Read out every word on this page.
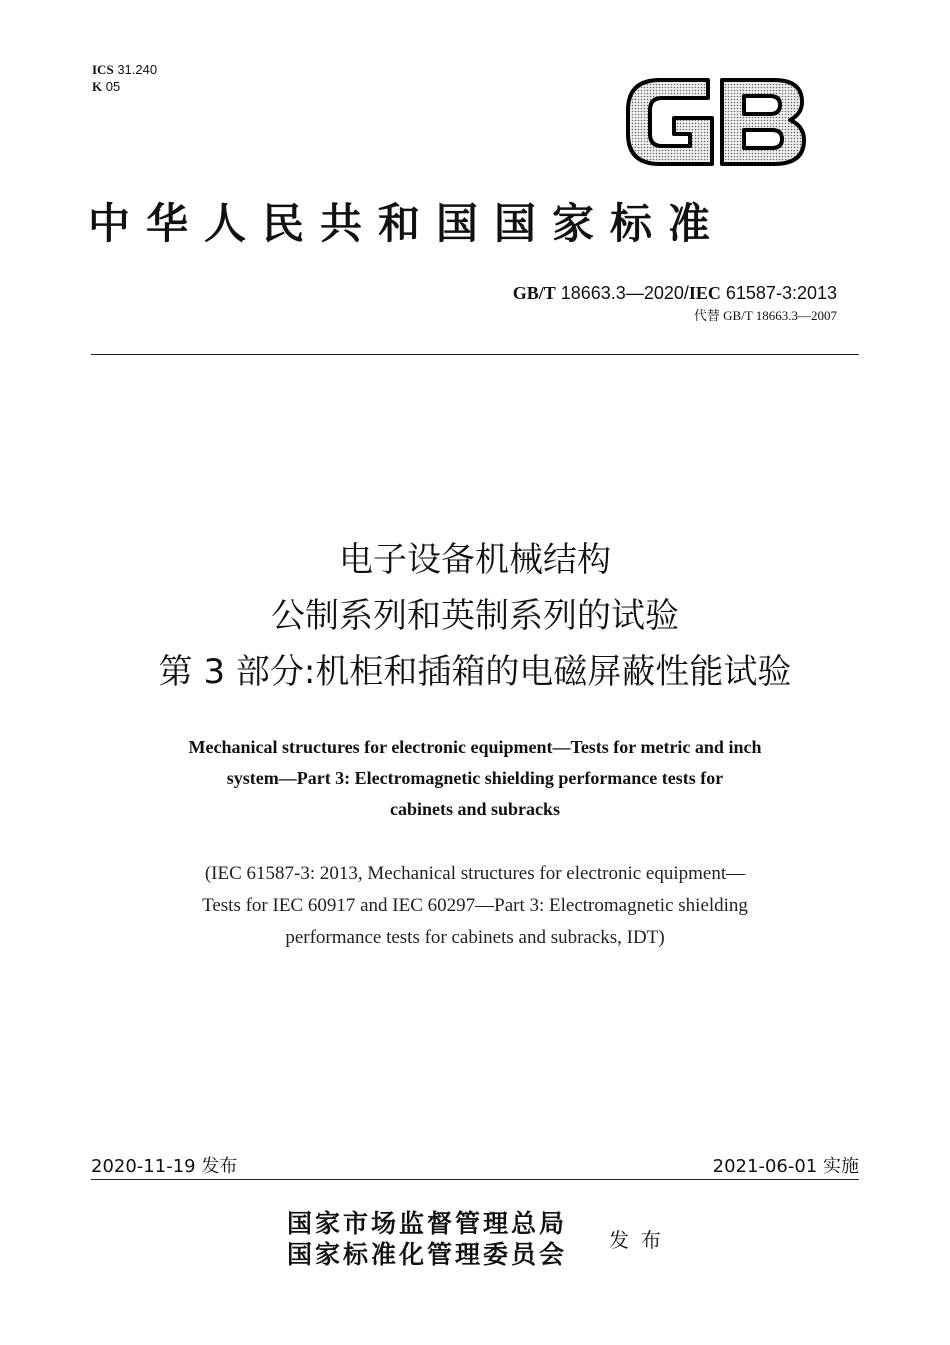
ICS 31.240
K 05
中华人民共和国国家标准
GB/T 18663.3—2020/IEC 61587-3:2013
代替 GB/T 18663.3—2007
电子设备机械结构
公制系列和英制系列的试验
第 3 部分:机柜和插箱的电磁屏蔽性能试验
Mechanical structures for electronic equipment—Tests for metric and inch
system—Part 3: Electromagnetic shielding performance tests for
cabinets and subracks
(IEC 61587-3: 2013, Mechanical structures for electronic equipment—
Tests for IEC 60917 and IEC 60297—Part 3: Electromagnetic shielding
performance tests for cabinets and subracks, IDT)
2020-11-19 发布	2021-06-01 实施
国家市场监督管理总局
国家标准化管理委员会 发布
